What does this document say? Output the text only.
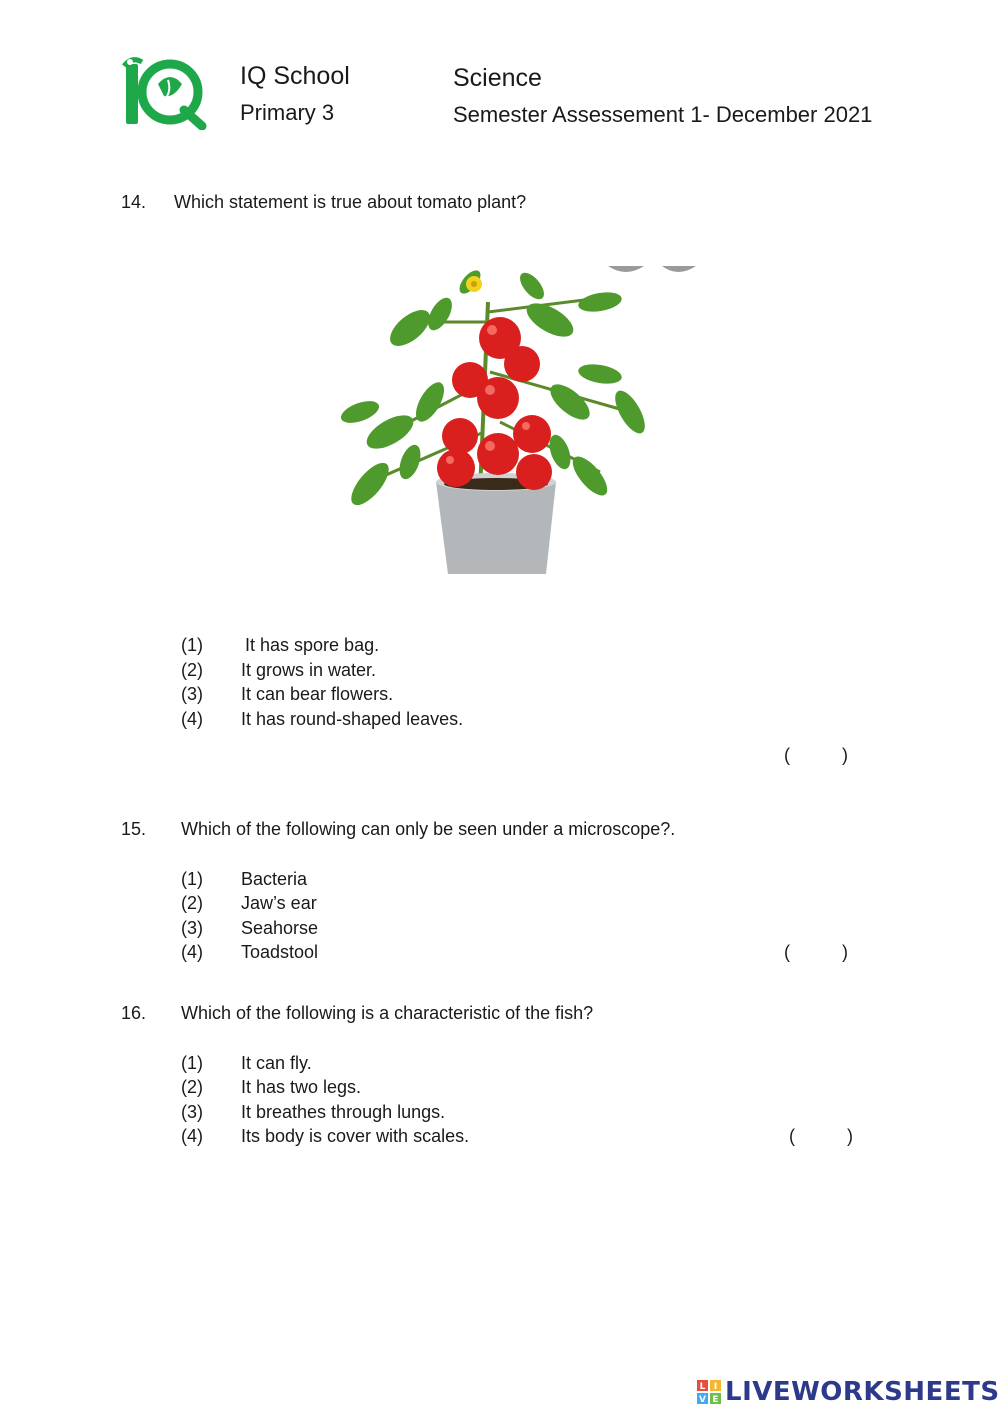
IQ School
Primary 3
Science
Semester Assessement 1- December 2021
14. Which statement is true about tomato plant?
(1) It has spore bag.
(2) It grows in water.
(3) It can bear flowers.
(4) It has round-shaped leaves.
(	)
15. Which of the following can only be seen under a microscope?.
(1) Bacteria
(2) Jaw’s ear
(3) Seahorse
(4) Toadstool	(	)
16. Which of the following is a characteristic of the fish?
(1) It can fly.
(2) It has two legs.
(3) It breathes through lungs.
(4) Its body is cover with scales.	(	)
L I
V E LIVEWORKSHEETS
